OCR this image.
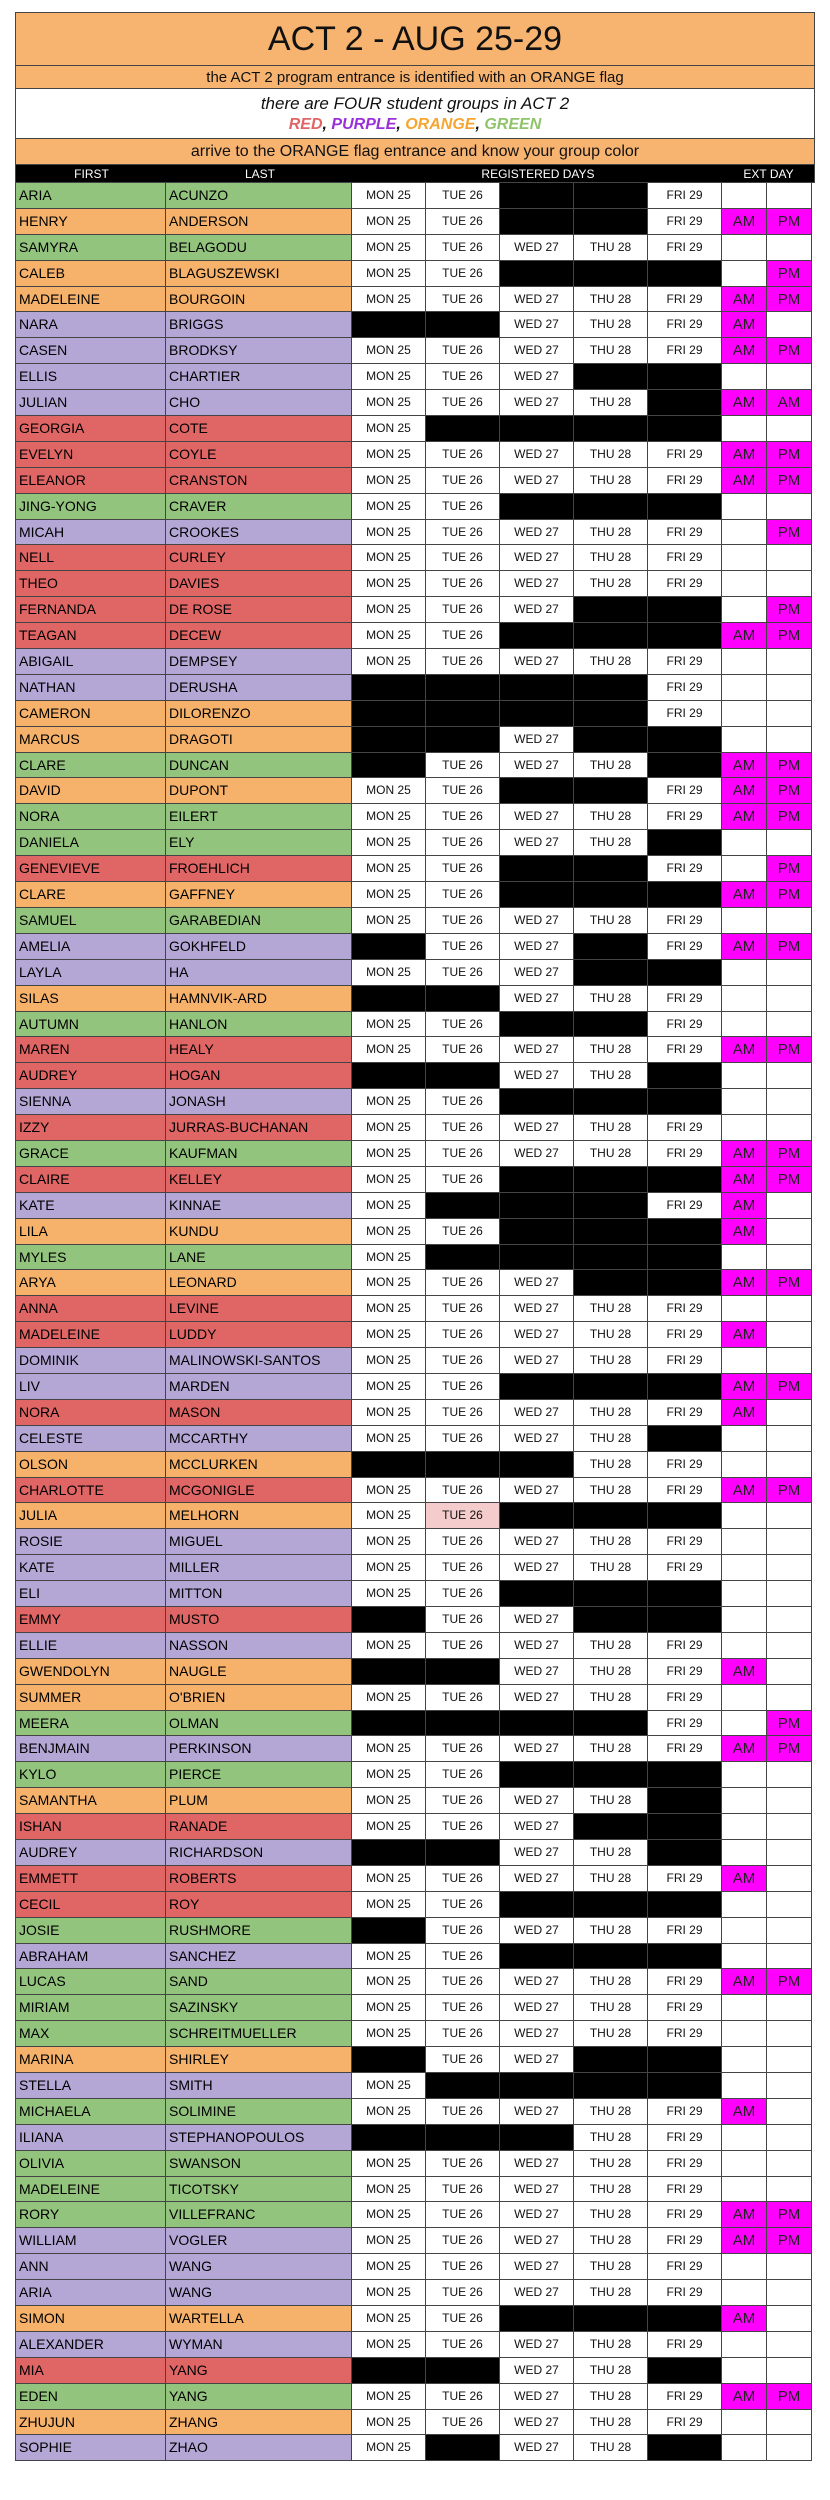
ACT 2 - AUG 25-29
the ACT 2 program entrance is identified with an ORANGE flag
there are FOUR student groups in ACT 2
RED, PURPLE, ORANGE, GREEN
arrive to the ORANGE flag entrance and know your group color
FIRST	LAST	REGISTERED DAYS	EXT DAY
ARIA	ACUNZO	MON 25	TUE 26	FRI 29
HENRY	ANDERSON	MON 25	TUE 26	FRI 29	AM	PM
SAMYRA	BELAGODU	MON 25	TUE 26	WED 27	THU 28	FRI 29
CALEB	BLAGUSZEWSKI	MON 25	TUE 26	PM
MADELEINE	BOURGOIN	MON 25	TUE 26	WED 27	THU 28	FRI 29	AM	PM
NARA	BRIGGS	WED 27	THU 28	FRI 29	AM
CASEN	BRODKSY	MON 25	TUE 26	WED 27	THU 28	FRI 29	AM	PM
ELLIS	CHARTIER	MON 25	TUE 26	WED 27
JULIAN	CHO	MON 25	TUE 26	WED 27	THU 28	AM	AM
GEORGIA	COTE	MON 25
EVELYN	COYLE	MON 25	TUE 26	WED 27	THU 28	FRI 29	AM	PM
ELEANOR	CRANSTON	MON 25	TUE 26	WED 27	THU 28	FRI 29	AM	PM
JING-YONG	CRAVER	MON 25	TUE 26
MICAH	CROOKES	MON 25	TUE 26	WED 27	THU 28	FRI 29	PM
NELL	CURLEY	MON 25	TUE 26	WED 27	THU 28	FRI 29
THEO	DAVIES	MON 25	TUE 26	WED 27	THU 28	FRI 29
FERNANDA	DE ROSE	MON 25	TUE 26	WED 27	PM
TEAGAN	DECEW	MON 25	TUE 26	AM	PM
ABIGAIL	DEMPSEY	MON 25	TUE 26	WED 27	THU 28	FRI 29
NATHAN	DERUSHA	FRI 29
CAMERON	DILORENZO	FRI 29
MARCUS	DRAGOTI	WED 27
CLARE	DUNCAN	TUE 26	WED 27	THU 28	AM	PM
DAVID	DUPONT	MON 25	TUE 26	FRI 29	AM	PM
NORA	EILERT	MON 25	TUE 26	WED 27	THU 28	FRI 29	AM	PM
DANIELA	ELY	MON 25	TUE 26	WED 27	THU 28
GENEVIEVE	FROEHLICH	MON 25	TUE 26	FRI 29	PM
CLARE	GAFFNEY	MON 25	TUE 26	AM	PM
SAMUEL	GARABEDIAN	MON 25	TUE 26	WED 27	THU 28	FRI 29
AMELIA	GOKHFELD	TUE 26	WED 27	FRI 29	AM	PM
LAYLA	HA	MON 25	TUE 26	WED 27
SILAS	HAMNVIK-ARD	WED 27	THU 28	FRI 29
AUTUMN	HANLON	MON 25	TUE 26	FRI 29
MAREN	HEALY	MON 25	TUE 26	WED 27	THU 28	FRI 29	AM	PM
AUDREY	HOGAN	WED 27	THU 28
SIENNA	JONASH	MON 25	TUE 26
IZZY	JURRAS-BUCHANAN	MON 25	TUE 26	WED 27	THU 28	FRI 29
GRACE	KAUFMAN	MON 25	TUE 26	WED 27	THU 28	FRI 29	AM	PM
CLAIRE	KELLEY	MON 25	TUE 26	AM	PM
KATE	KINNAE	MON 25	FRI 29	AM
LILA	KUNDU	MON 25	TUE 26	AM
MYLES	LANE	MON 25
ARYA	LEONARD	MON 25	TUE 26	WED 27	AM	PM
ANNA	LEVINE	MON 25	TUE 26	WED 27	THU 28	FRI 29
MADELEINE	LUDDY	MON 25	TUE 26	WED 27	THU 28	FRI 29	AM
DOMINIK	MALINOWSKI-SANTOS	MON 25	TUE 26	WED 27	THU 28	FRI 29
LIV	MARDEN	MON 25	TUE 26	AM	PM
NORA	MASON	MON 25	TUE 26	WED 27	THU 28	FRI 29	AM
CELESTE	MCCARTHY	MON 25	TUE 26	WED 27	THU 28
OLSON	MCCLURKEN	THU 28	FRI 29
CHARLOTTE	MCGONIGLE	MON 25	TUE 26	WED 27	THU 28	FRI 29	AM	PM
JULIA	MELHORN	MON 25	TUE 26
ROSIE	MIGUEL	MON 25	TUE 26	WED 27	THU 28	FRI 29
KATE	MILLER	MON 25	TUE 26	WED 27	THU 28	FRI 29
ELI	MITTON	MON 25	TUE 26
EMMY	MUSTO	TUE 26	WED 27
ELLIE	NASSON	MON 25	TUE 26	WED 27	THU 28	FRI 29
GWENDOLYN	NAUGLE	WED 27	THU 28	FRI 29	AM
SUMMER	O'BRIEN	MON 25	TUE 26	WED 27	THU 28	FRI 29
MEERA	OLMAN	FRI 29	PM
BENJMAIN	PERKINSON	MON 25	TUE 26	WED 27	THU 28	FRI 29	AM	PM
KYLO	PIERCE	MON 25	TUE 26
SAMANTHA	PLUM	MON 25	TUE 26	WED 27	THU 28
ISHAN	RANADE	MON 25	TUE 26	WED 27
AUDREY	RICHARDSON	WED 27	THU 28
EMMETT	ROBERTS	MON 25	TUE 26	WED 27	THU 28	FRI 29	AM
CECIL	ROY	MON 25	TUE 26
JOSIE	RUSHMORE	TUE 26	WED 27	THU 28	FRI 29
ABRAHAM	SANCHEZ	MON 25	TUE 26
LUCAS	SAND	MON 25	TUE 26	WED 27	THU 28	FRI 29	AM	PM
MIRIAM	SAZINSKY	MON 25	TUE 26	WED 27	THU 28	FRI 29
MAX	SCHREITMUELLER	MON 25	TUE 26	WED 27	THU 28	FRI 29
MARINA	SHIRLEY	TUE 26	WED 27
STELLA	SMITH	MON 25
MICHAELA	SOLIMINE	MON 25	TUE 26	WED 27	THU 28	FRI 29	AM
ILIANA	STEPHANOPOULOS	THU 28	FRI 29
OLIVIA	SWANSON	MON 25	TUE 26	WED 27	THU 28	FRI 29
MADELEINE	TICOTSKY	MON 25	TUE 26	WED 27	THU 28	FRI 29
RORY	VILLEFRANC	MON 25	TUE 26	WED 27	THU 28	FRI 29	AM	PM
WILLIAM	VOGLER	MON 25	TUE 26	WED 27	THU 28	FRI 29	AM	PM
ANN	WANG	MON 25	TUE 26	WED 27	THU 28	FRI 29
ARIA	WANG	MON 25	TUE 26	WED 27	THU 28	FRI 29
SIMON	WARTELLA	MON 25	TUE 26	AM
ALEXANDER	WYMAN	MON 25	TUE 26	WED 27	THU 28	FRI 29
MIA	YANG	WED 27	THU 28
EDEN	YANG	MON 25	TUE 26	WED 27	THU 28	FRI 29	AM	PM
ZHUJUN	ZHANG	MON 25	TUE 26	WED 27	THU 28	FRI 29
SOPHIE	ZHAO	MON 25	WED 27	THU 28
